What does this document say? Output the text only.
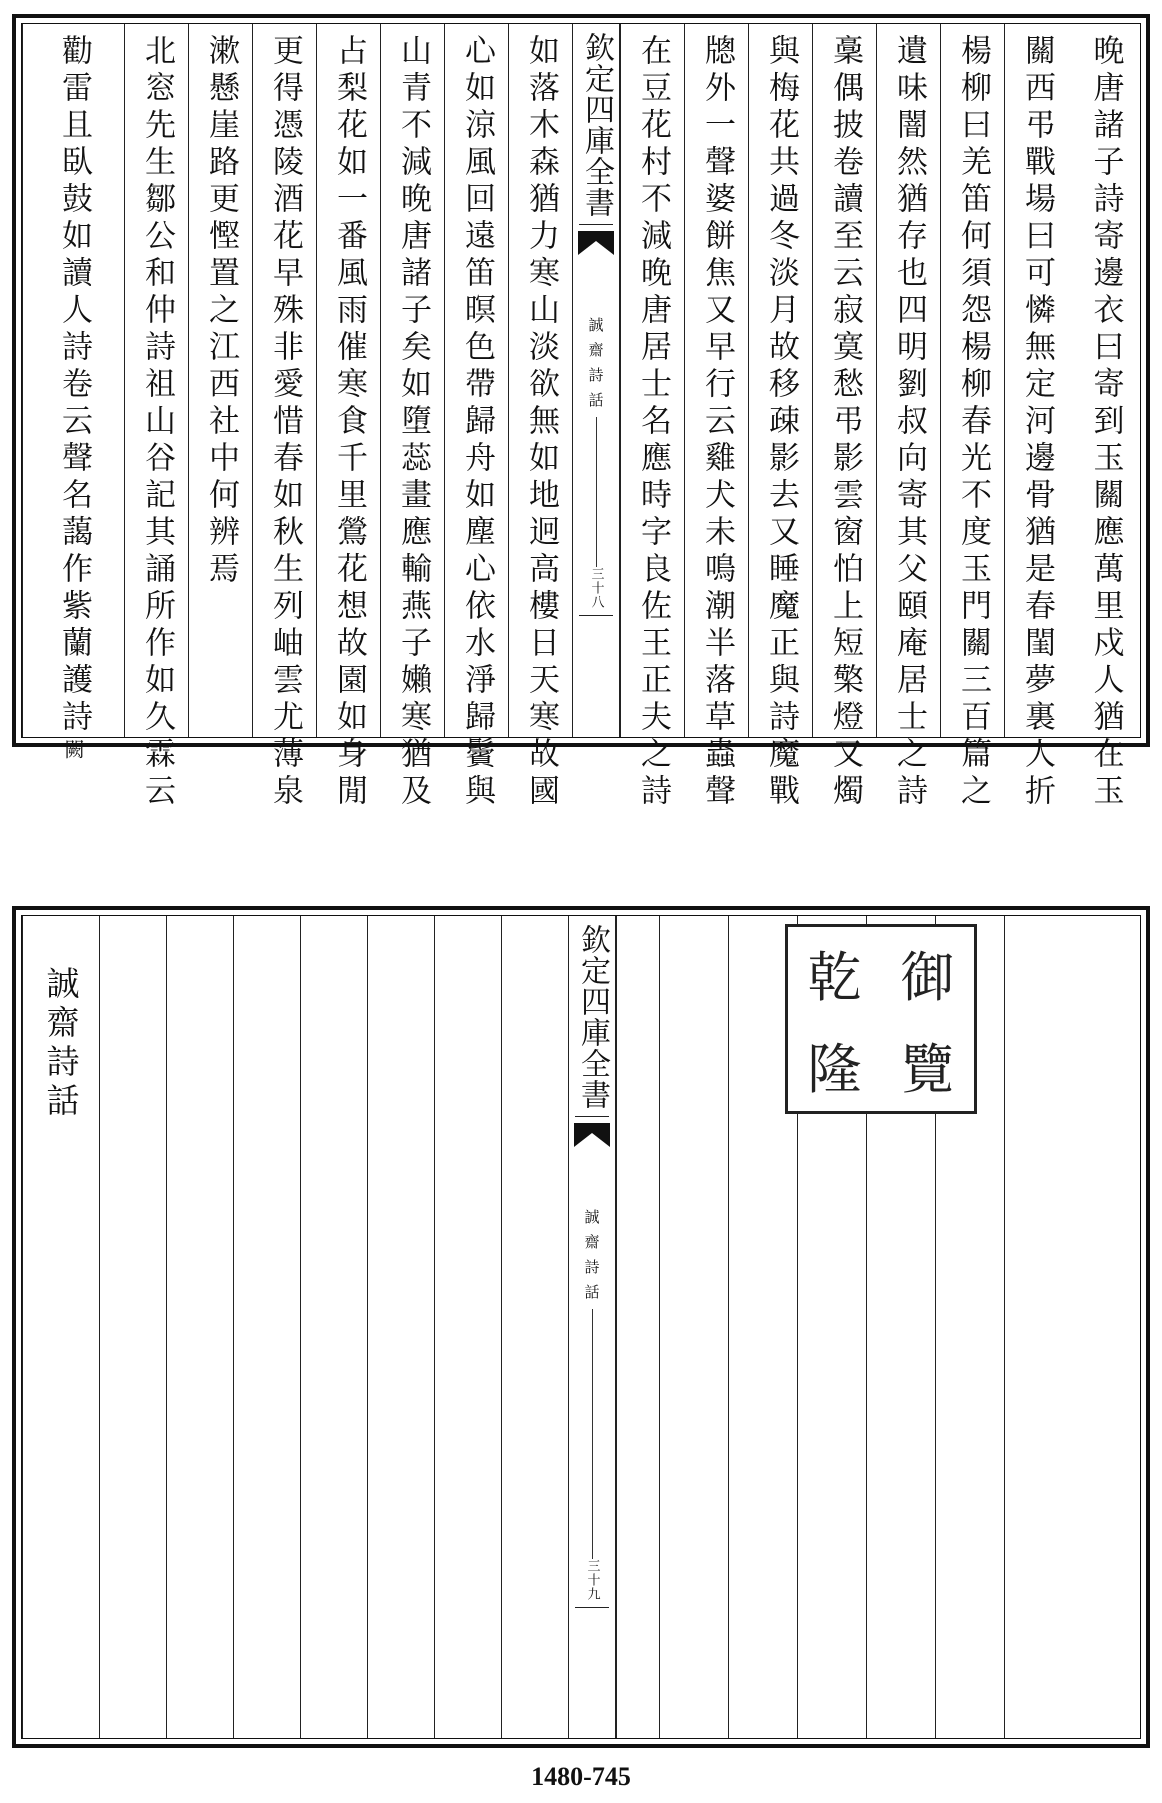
晚唐諸子詩寄邊衣曰寄到玉關應萬里戍人猶在玉
關西弔戰場曰可憐無定河邊骨猶是春閨夢裏人折
楊柳曰羌笛何須怨楊柳春光不度玉門關三百篇之
遺味闇然猶存也四明劉叔向寄其父頤庵居士之詩
稾偶披卷讀至云寂寞愁弔影雲窗怕上短檠燈又燭
與梅花共過冬淡月故移疎影去又睡魔正與詩魔戰
牕外一聲婆餅焦又早行云雞犬未鳴潮半落草蟲聲
在豆花村不減晚唐居士名應時字良佐王正夫之詩
欽定四庫全書
誠齋詩話
三十八
如落木森猶力寒山淡欲無如地迥高樓日天寒故國
心如涼風回遠笛暝色帶歸舟如塵心依水淨歸鬢與
山青不減晚唐諸子矣如墮蕊畫應輸燕子嬾寒猶及
占梨花如一番風雨催寒食千里鶯花想故園如身閒
更得憑陵酒花早殊非愛惜春如秋生列岫雲尤薄泉
漱懸崖路更慳置之江西社中何辨焉
北窓先生鄒公和仲詩祖山谷記其誦所作如久霖云
勸雷且臥鼓如讀人詩卷云聲名藹作紫蘭護詩
闕
乾 御
隆 覽
欽定四庫全書
誠齋詩話
三十九
誠齋詩話
1480-745
